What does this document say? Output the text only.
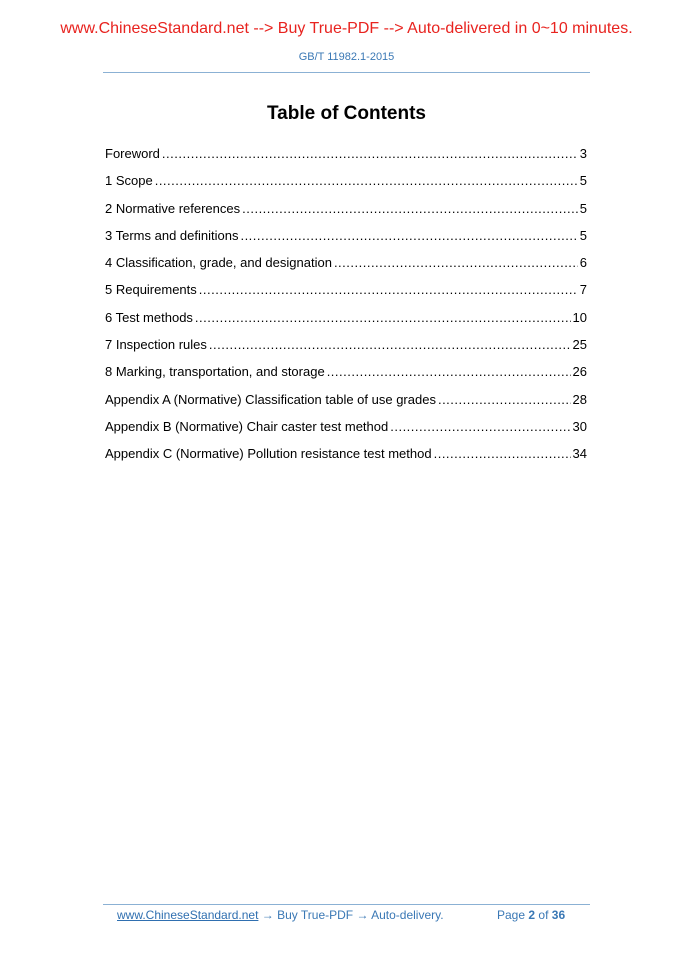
www.ChineseStandard.net --> Buy True-PDF --> Auto-delivered in 0~10 minutes.
GB/T 11982.1-2015
Table of Contents
Foreword .....	3
1 Scope .....	5
2 Normative references .....	5
3 Terms and definitions .....	5
4 Classification, grade, and designation .....	6
5 Requirements .....	7
6 Test methods .....	10
7 Inspection rules .....	25
8 Marking, transportation, and storage .....	26
Appendix A (Normative) Classification table of use grades .....	28
Appendix B (Normative) Chair caster test method .....	30
Appendix C (Normative) Pollution resistance test method .....	34
www.ChineseStandard.net → Buy True-PDF → Auto-delivery.	Page 2 of 36
